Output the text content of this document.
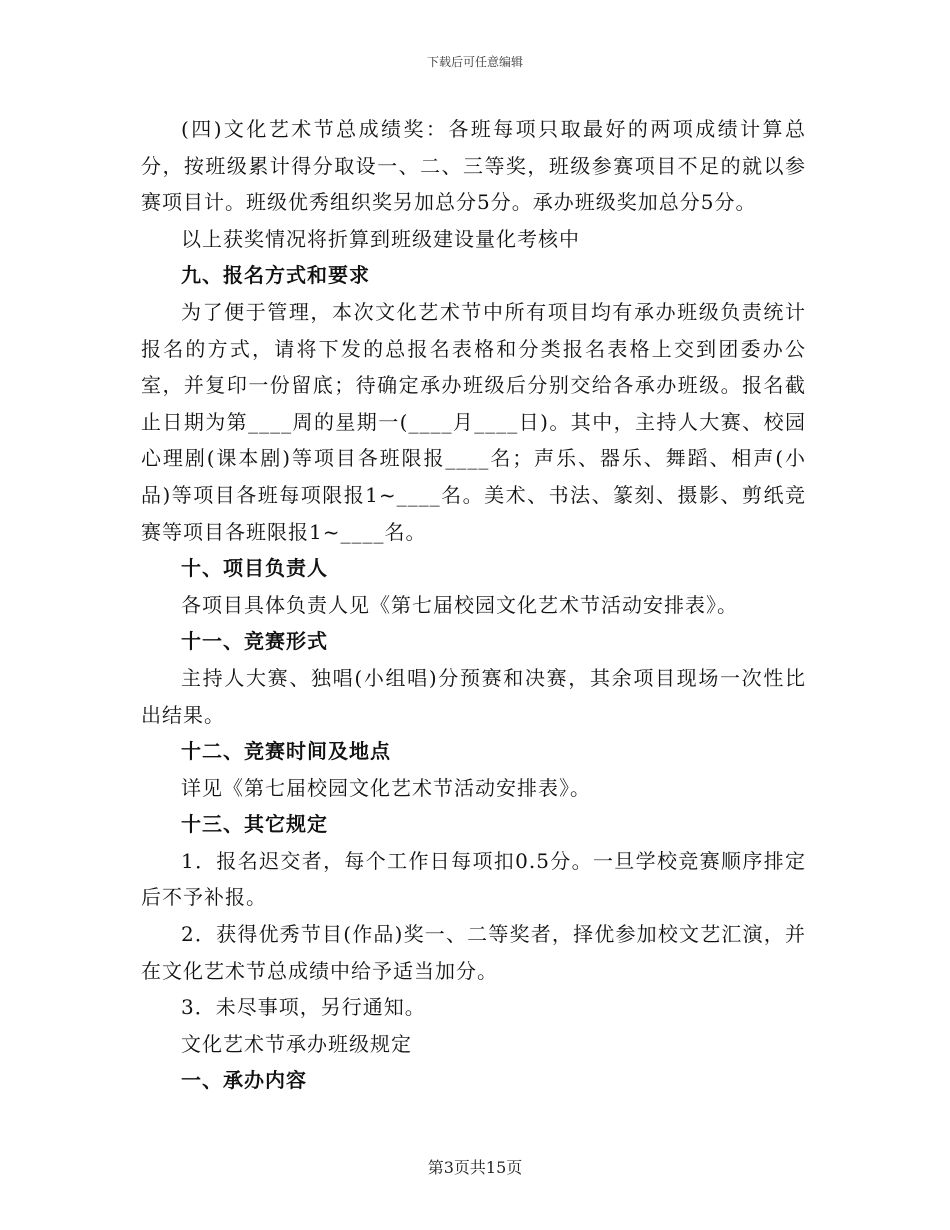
下载后可任意编辑

(四)文化艺术节总成绩奖：各班每项只取最好的两项成绩计算总分，按班级累计得分取设一、二、三等奖，班级参赛项目不足的就以参赛项目计。班级优秀组织奖另加总分5分。承办班级奖加总分5分。

以上获奖情况将折算到班级建设量化考核中

九、报名方式和要求

为了便于管理，本次文化艺术节中所有项目均有承办班级负责统计报名的方式，请将下发的总报名表格和分类报名表格上交到团委办公室，并复印一份留底；待确定承办班级后分别交给各承办班级。报名截止日期为第____周的星期一(____月____日)。其中，主持人大赛、校园心理剧(课本剧)等项目各班限报____名；声乐、器乐、舞蹈、相声(小品)等项目各班每项限报1~____名。美术、书法、篆刻、摄影、剪纸竞赛等项目各班限报1~____名。

十、项目负责人

各项目具体负责人见《第七届校园文化艺术节活动安排表》。

十一、竞赛形式

主持人大赛、独唱(小组唱)分预赛和决赛，其余项目现场一次性比出结果。

十二、竞赛时间及地点

详见《第七届校园文化艺术节活动安排表》。

十三、其它规定

1．报名迟交者，每个工作日每项扣0.5分。一旦学校竞赛顺序排定后不予补报。

2．获得优秀节目(作品)奖一、二等奖者，择优参加校文艺汇演，并在文化艺术节总成绩中给予适当加分。

3．未尽事项，另行通知。

文化艺术节承办班级规定

一、承办内容

第3页共15页
